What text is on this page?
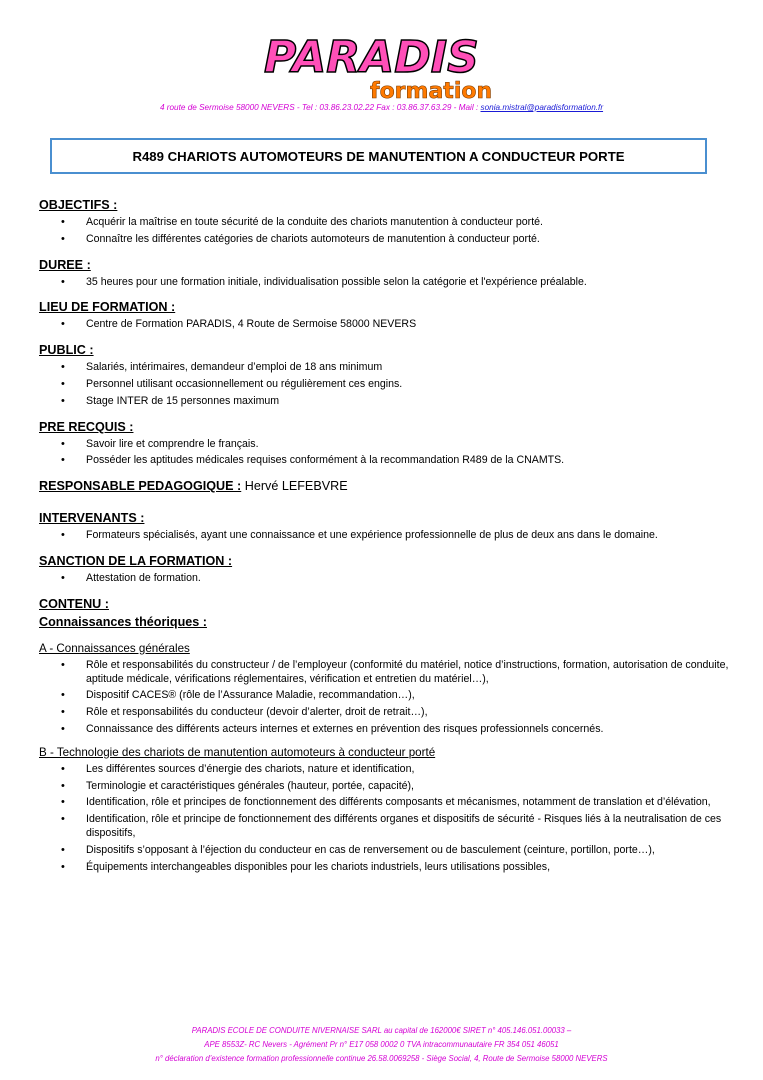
PARADIS
formation
4 route de Sermoise 58000 NEVERS - Tel : 03.86.23.02.22 Fax : 03.86.37.63.29 - Mail : sonia.mistral@paradisformation.fr
R489 CHARIOTS AUTOMOTEURS DE MANUTENTION A CONDUCTEUR PORTE
OBJECTIFS :
• Acquérir la maîtrise en toute sécurité de la conduite des chariots manutention à conducteur porté.
• Connaître les différentes catégories de chariots automoteurs de manutention à conducteur porté.
DUREE :
• 35 heures pour une formation initiale, individualisation possible selon la catégorie et l'expérience préalable.
LIEU DE FORMATION :
• Centre de Formation PARADIS, 4 Route de Sermoise 58000 NEVERS
PUBLIC :
• Salariés, intérimaires, demandeur d’emploi de 18 ans minimum
• Personnel utilisant occasionnellement ou régulièrement ces engins.
• Stage INTER de 15 personnes maximum
PRE RECQUIS :
• Savoir lire et comprendre le français.
• Posséder les aptitudes médicales requises conformément à la recommandation R489 de la CNAMTS.
RESPONSABLE PEDAGOGIQUE : Hervé LEFEBVRE
INTERVENANTS :
• Formateurs spécialisés, ayant une connaissance et une expérience professionnelle de plus de deux ans dans le domaine.
SANCTION DE LA FORMATION :
• Attestation de formation.
CONTENU :
Connaissances théoriques :
A - Connaissances générales
• Rôle et responsabilités du constructeur / de l’employeur (conformité du matériel, notice d’instructions, formation, autorisation de conduite, aptitude médicale, vérifications réglementaires, vérification et entretien du matériel…),
• Dispositif CACES® (rôle de l’Assurance Maladie, recommandation…),
• Rôle et responsabilités du conducteur (devoir d’alerter, droit de retrait…),
• Connaissance des différents acteurs internes et externes en prévention des risques professionnels concernés.
B - Technologie des chariots de manutention automoteurs à conducteur porté
• Les différentes sources d’énergie des chariots, nature et identification,
• Terminologie et caractéristiques générales (hauteur, portée, capacité),
• Identification, rôle et principes de fonctionnement des différents composants et mécanismes, notamment de translation et d’élévation,
• Identification, rôle et principe de fonctionnement des différents organes et dispositifs de sécurité - Risques liés à la neutralisation de ces dispositifs,
• Dispositifs s’opposant à l’éjection du conducteur en cas de renversement ou de basculement (ceinture, portillon, porte…),
• Équipements interchangeables disponibles pour les chariots industriels, leurs utilisations possibles,
PARADIS ECOLE DE CONDUITE NIVERNAISE SARL au capital de 162000€ SIRET n° 405.146.051.00033 –
APE 8553Z- RC Nevers - Agrément Pr n° E17 058 0002 0 TVA intracommunautaire FR 354 051 46051
n° déclaration d’existence formation professionnelle continue 26.58.0069258 - Siège Social, 4, Route de Sermoise 58000 NEVERS
